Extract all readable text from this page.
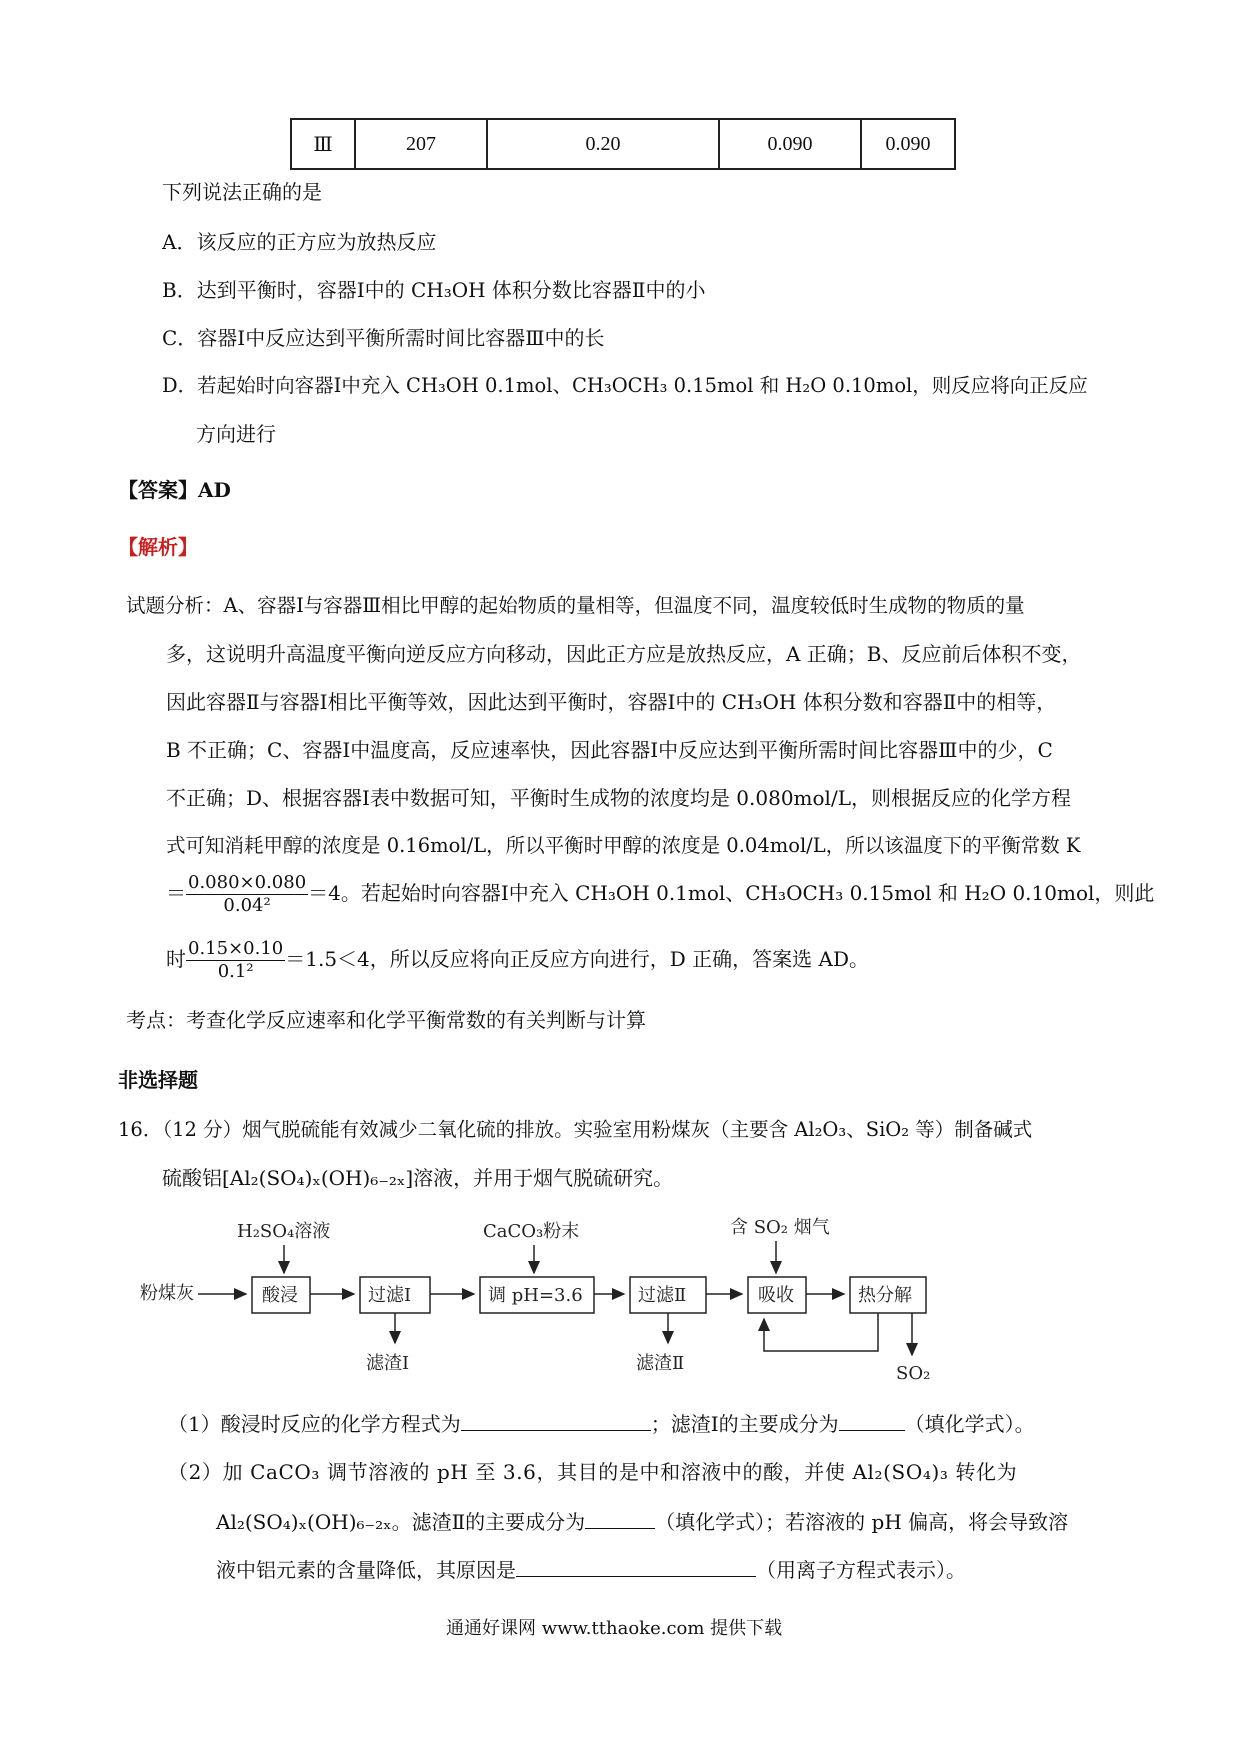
Ⅲ	207	0.20	0.090	0.090
下列说法正确的是
A．该反应的正方应为放热反应
B．达到平衡时，容器Ⅰ中的 CH₃OH 体积分数比容器Ⅱ中的小
C．容器Ⅰ中反应达到平衡所需时间比容器Ⅲ中的长
D．若起始时向容器Ⅰ中充入 CH₃OH 0.1mol、CH₃OCH₃ 0.15mol 和 H₂O 0.10mol，则反应将向正反应
方向进行
【答案】AD
【解析】
试题分析：A、容器Ⅰ与容器Ⅲ相比甲醇的起始物质的量相等，但温度不同，温度较低时生成物的物质的量
多，这说明升高温度平衡向逆反应方向移动，因此正方应是放热反应，A 正确；B、反应前后体积不变，
因此容器Ⅱ与容器Ⅰ相比平衡等效，因此达到平衡时，容器Ⅰ中的 CH₃OH 体积分数和容器Ⅱ中的相等，
B 不正确；C、容器Ⅰ中温度高，反应速率快，因此容器Ⅰ中反应达到平衡所需时间比容器Ⅲ中的少，C
不正确；D、根据容器Ⅰ表中数据可知，平衡时生成物的浓度均是 0.080mol/L，则根据反应的化学方程
式可知消耗甲醇的浓度是 0.16mol/L，所以平衡时甲醇的浓度是 0.04mol/L，所以该温度下的平衡常数 K
＝ $\frac{0.080\times 0.080}{\text{0.04²}} =4$。若起始时向容器Ⅰ中充入 CH₃OH 0.1mol、CH₃OCH₃ 0.15mol 和 H₂O 0.10mol，则此
时 $\frac{0.15\times 0.10}{\text{0.1²}} =1.5<4$，所以反应将向正反应方向进行，D 正确，答案选 AD。
考点：考查化学反应速率和化学平衡常数的有关判断与计算
非选择题
16．（12 分）烟气脱硫能有效减少二氧化硫的排放。实验室用粉煤灰（主要含 Al₂O₃、SiO₂ 等）制备碱式
硫酸铝[Al₂(SO₄)ₓ(OH)₆₋₂ₓ]溶液，并用于烟气脱硫研究。
H₂SO₄溶液	CaCO₃粉末	含 SO₂ 烟气
粉煤灰	酸浸	过滤Ⅰ	调 pH=3.6	过滤Ⅱ	吸收	热分解
滤渣Ⅰ	滤渣Ⅱ	SO₂
（1）酸浸时反应的化学方程式为	；滤渣Ⅰ的主要成分为	（填化学式）。
（2）加 CaCO₃ 调节溶液的 pH 至 3.6，其目的是中和溶液中的酸，并使 Al₂(SO₄)₃ 转化为
Al₂(SO₄)ₓ(OH)₆₋₂ₓ。滤渣Ⅱ的主要成分为	（填化学式）；若溶液的 pH 偏高，将会导致溶
液中铝元素的含量降低，其原因是	（用离子方程式表示）。
通通好课网 www.tthaoke.com 提供下载
